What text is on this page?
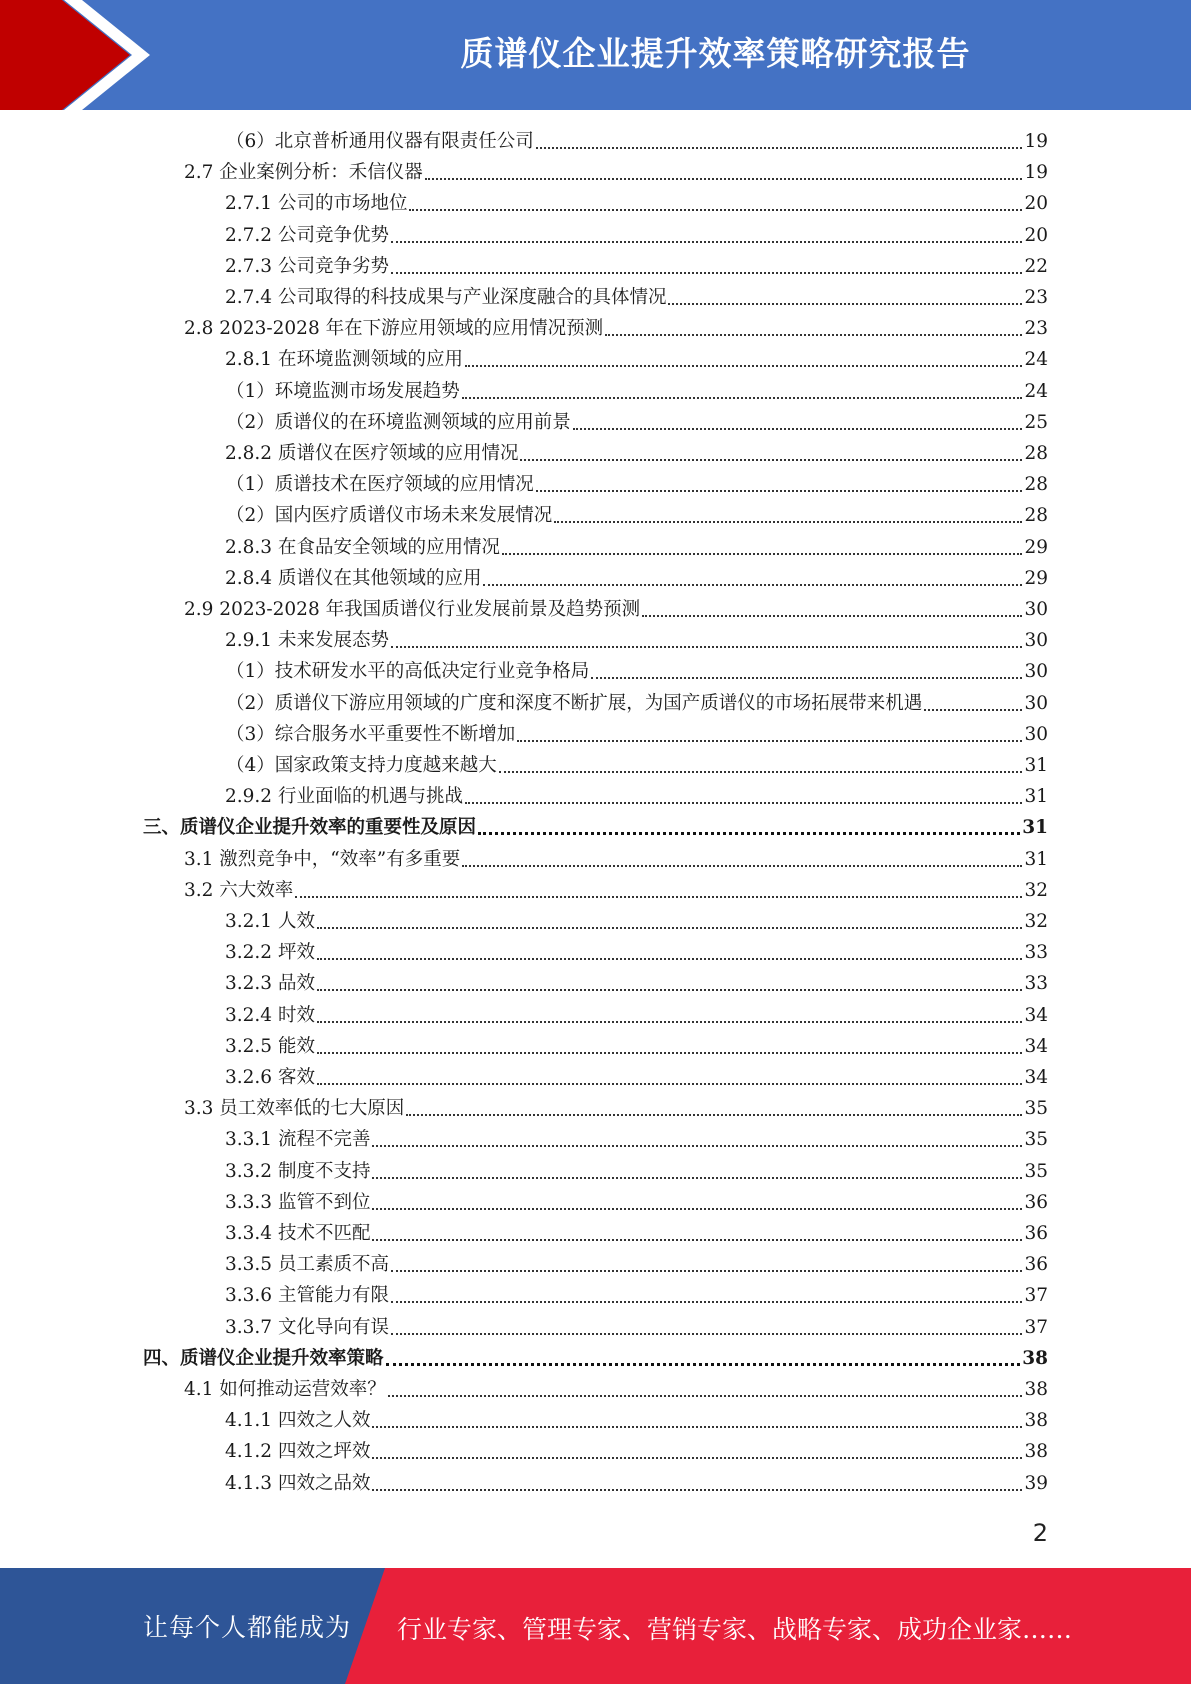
质谱仪企业提升效率策略研究报告
（6）北京普析通用仪器有限责任公司	19
2.7 企业案例分析：禾信仪器	19
2.7.1 公司的市场地位	20
2.7.2 公司竞争优势	20
2.7.3 公司竞争劣势	22
2.7.4 公司取得的科技成果与产业深度融合的具体情况	23
2.8 2023-2028 年在下游应用领域的应用情况预测	23
2.8.1 在环境监测领域的应用	24
（1）环境监测市场发展趋势	24
（2）质谱仪的在环境监测领域的应用前景	25
2.8.2 质谱仪在医疗领域的应用情况	28
（1）质谱技术在医疗领域的应用情况	28
（2）国内医疗质谱仪市场未来发展情况	28
2.8.3 在食品安全领域的应用情况	29
2.8.4 质谱仪在其他领域的应用	29
2.9 2023-2028 年我国质谱仪行业发展前景及趋势预测	30
2.9.1 未来发展态势	30
（1）技术研发水平的高低决定行业竞争格局	30
（2）质谱仪下游应用领域的广度和深度不断扩展，为国产质谱仪的市场拓展带来机遇	30
（3）综合服务水平重要性不断增加	30
（4）国家政策支持力度越来越大	31
2.9.2 行业面临的机遇与挑战	31
三、质谱仪企业提升效率的重要性及原因	31
3.1 激烈竞争中，“效率”有多重要	31
3.2 六大效率	32
3.2.1 人效	32
3.2.2 坪效	33
3.2.3 品效	33
3.2.4 时效	34
3.2.5 能效	34
3.2.6 客效	34
3.3 员工效率低的七大原因	35
3.3.1 流程不完善	35
3.3.2 制度不支持	35
3.3.3 监管不到位	36
3.3.4 技术不匹配	36
3.3.5 员工素质不高	36
3.3.6 主管能力有限	37
3.3.7 文化导向有误	37
四、质谱仪企业提升效率策略	38
4.1 如何推动运营效率？	38
4.1.1 四效之人效	38
4.1.2 四效之坪效	38
4.1.3 四效之品效	39
2
让每个人都能成为 行业专家、管理专家、营销专家、战略专家、成功企业家……
